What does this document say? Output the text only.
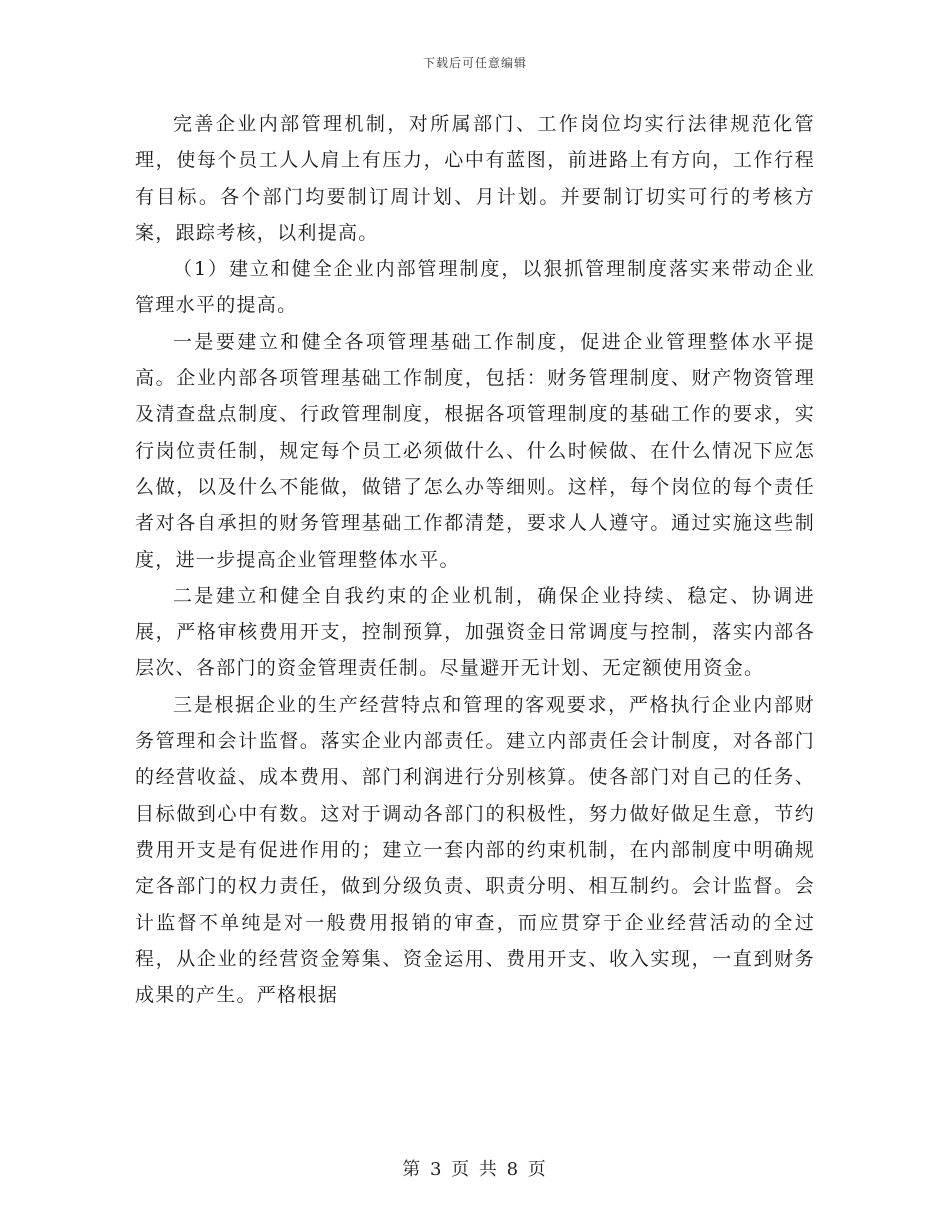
下载后可任意编辑

完善企业内部管理机制，对所属部门、工作岗位均实行法律规范化管理，使每个员工人人肩上有压力，心中有蓝图，前进路上有方向，工作行程有目标。各个部门均要制订周计划、月计划。并要制订切实可行的考核方案，跟踪考核，以利提高。

（1）建立和健全企业内部管理制度，以狠抓管理制度落实来带动企业管理水平的提高。

一是要建立和健全各项管理基础工作制度，促进企业管理整体水平提高。企业内部各项管理基础工作制度，包括：财务管理制度、财产物资管理及清查盘点制度、行政管理制度，根据各项管理制度的基础工作的要求，实行岗位责任制，规定每个员工必须做什么、什么时候做、在什么情况下应怎么做，以及什么不能做，做错了怎么办等细则。这样，每个岗位的每个责任者对各自承担的财务管理基础工作都清楚，要求人人遵守。通过实施这些制度，进一步提高企业管理整体水平。

二是建立和健全自我约束的企业机制，确保企业持续、稳定、协调进展，严格审核费用开支，控制预算，加强资金日常调度与控制，落实内部各层次、各部门的资金管理责任制。尽量避开无计划、无定额使用资金。

三是根据企业的生产经营特点和管理的客观要求，严格执行企业内部财务管理和会计监督。落实企业内部责任。建立内部责任会计制度，对各部门的经营收益、成本费用、部门利润进行分别核算。使各部门对自己的任务、目标做到心中有数。这对于调动各部门的积极性，努力做好做足生意，节约费用开支是有促进作用的；建立一套内部的约束机制，在内部制度中明确规定各部门的权力责任，做到分级负责、职责分明、相互制约。会计监督。会计监督不单纯是对一般费用报销的审查，而应贯穿于企业经营活动的全过程，从企业的经营资金筹集、资金运用、费用开支、收入实现，一直到财务成果的产生。严格根据

第 3 页 共 8 页
